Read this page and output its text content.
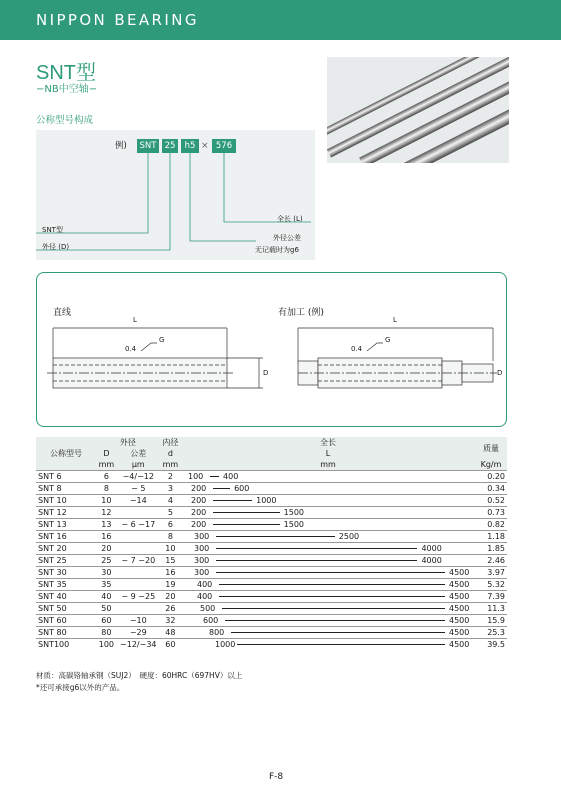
NIPPON BEARING
SNT型
−NB中空轴−
公称型号构成
例) SNT 25	h5 × 576
SNT型
外径 (D)
全长 (L)
外径公差
无记载时为g6
直线	有加工 (例)
L	L
0.4	0.4
G	G
D	D
公称型号	外径		内径	全长	质量
	D	公差	d	L	
	mm	μm	mm	mm	Kg/m
SNT 6	6	−4/−12	2	100 400	0.20
SNT 8	8	− 5	3	200 600	0.34
SNT 10	10	−14	4	200 1000	0.52
SNT 12	12		5	200 1500	0.73
SNT 13	13	− 6 −17	6	200 1500	0.82
SNT 16	16		8	300 2500	1.18
SNT 20	20		10	300 4000	1.85
SNT 25	25	− 7 −20	15	300 4000	2.46
SNT 30	30		16	300 4500	3.97
SNT 35	35		19	400 4500	5.32
SNT 40	40	− 9 −25	20	400 4500	7.39
SNT 50	50		26	500 4500	11.3
SNT 60	60	−10	32	600 4500	15.9
SNT 80	80	−29	48	800 4500	25.3
SNT100	100	−12/−34	60	1000 4500	39.5
材质：高碳铬轴承钢（SUJ2）　硬度：60HRC（697HV）以上
*还可承接g6以外的产品。
F-8
